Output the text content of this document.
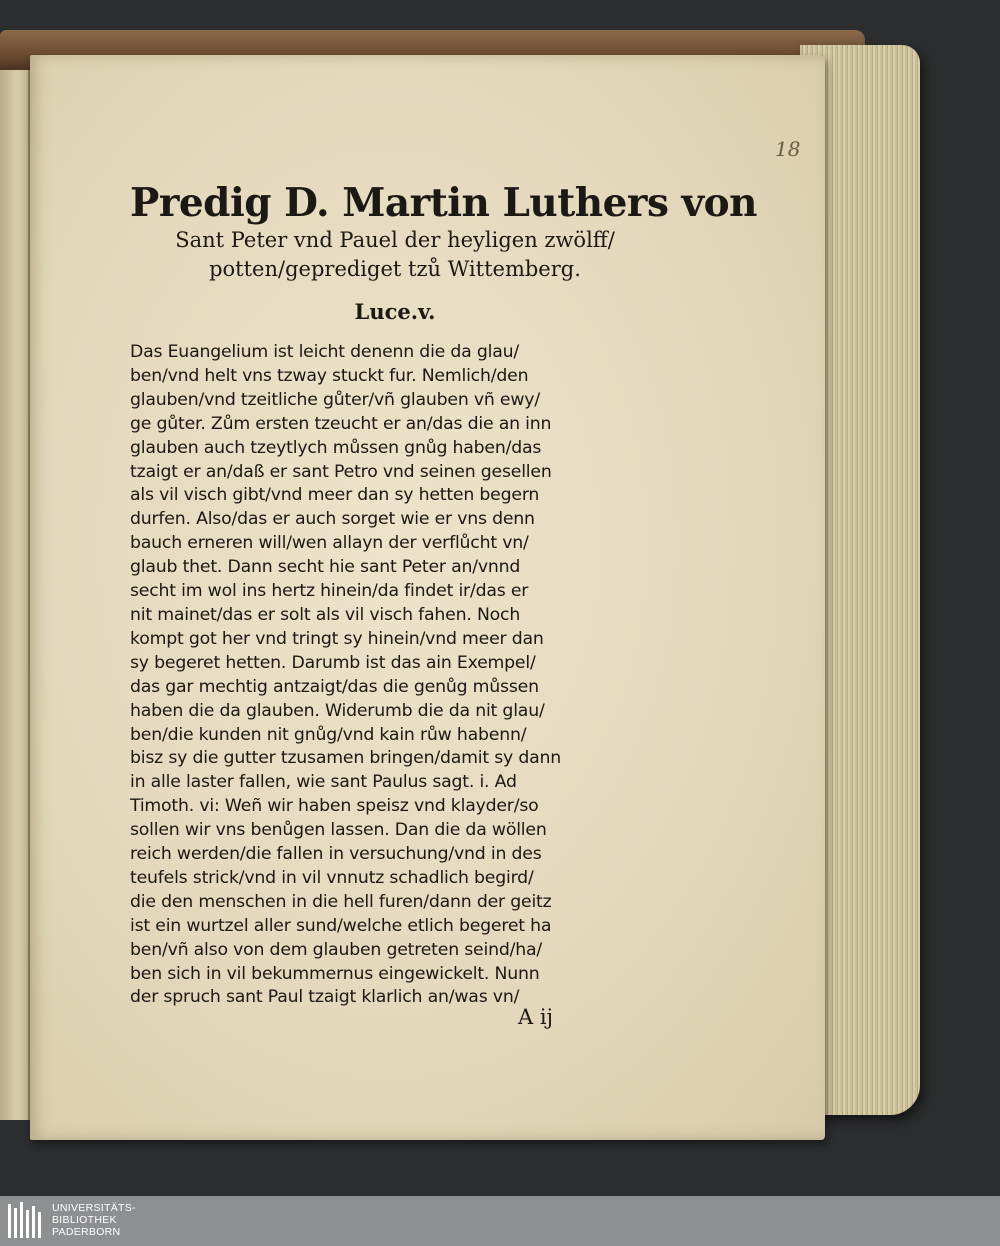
18
Predig D. Martin Luthers von
Sant Peter vnd Pauel der heyligen zwölff/
potten/geprediget tzů Wittemberg.
Luce.v.
Das Euangelium ist leicht denenn die da glau/
ben/vnd helt vns tzway stuckt fur. Nemlich/den
glauben/vnd tzeitliche gůter/vñ glauben vñ ewy/
ge gůter. Zům ersten tzeucht er an/das die an inn
glauben auch tzeytlych můssen gnůg haben/das
tzaigt er an/daß er sant Petro vnd seinen gesellen
als vil visch gibt/vnd meer dan sy hetten begern
durfen. Also/das er auch sorget wie er vns denn
bauch erneren will/wen allayn der verflůcht vn/
glaub thet. Dann secht hie sant Peter an/vnnd
secht im wol ins hertz hinein/da findet ir/das er
nit mainet/das er solt als vil visch fahen. Noch
kompt got her vnd tringt sy hinein/vnd meer dan
sy begeret hetten. Darumb ist das ain Exempel/
das gar mechtig antzaigt/das die genůg můssen
haben die da glauben. Widerumb die da nit glau/
ben/die kunden nit gnůg/vnd kain růw habenn/
bisz sy die gutter tzusamen bringen/damit sy dann
in alle laster fallen, wie sant Paulus sagt. i. Ad
Timoth. vi: Weñ wir haben speisz vnd klayder/so
sollen wir vns benůgen lassen. Dan die da wöllen
reich werden/die fallen in versuchung/vnd in des
teufels strick/vnd in vil vnnutz schadlich begird/
die den menschen in die hell furen/dann der geitz
ist ein wurtzel aller sund/welche etlich begeret ha
ben/vñ also von dem glauben getreten seind/ha/
ben sich in vil bekummernus eingewickelt. Nunn
der spruch sant Paul tzaigt klarlich an/was vn/
A ij
UNIVERSITÄTS-
BIBLIOTHEK
PADERBORN
